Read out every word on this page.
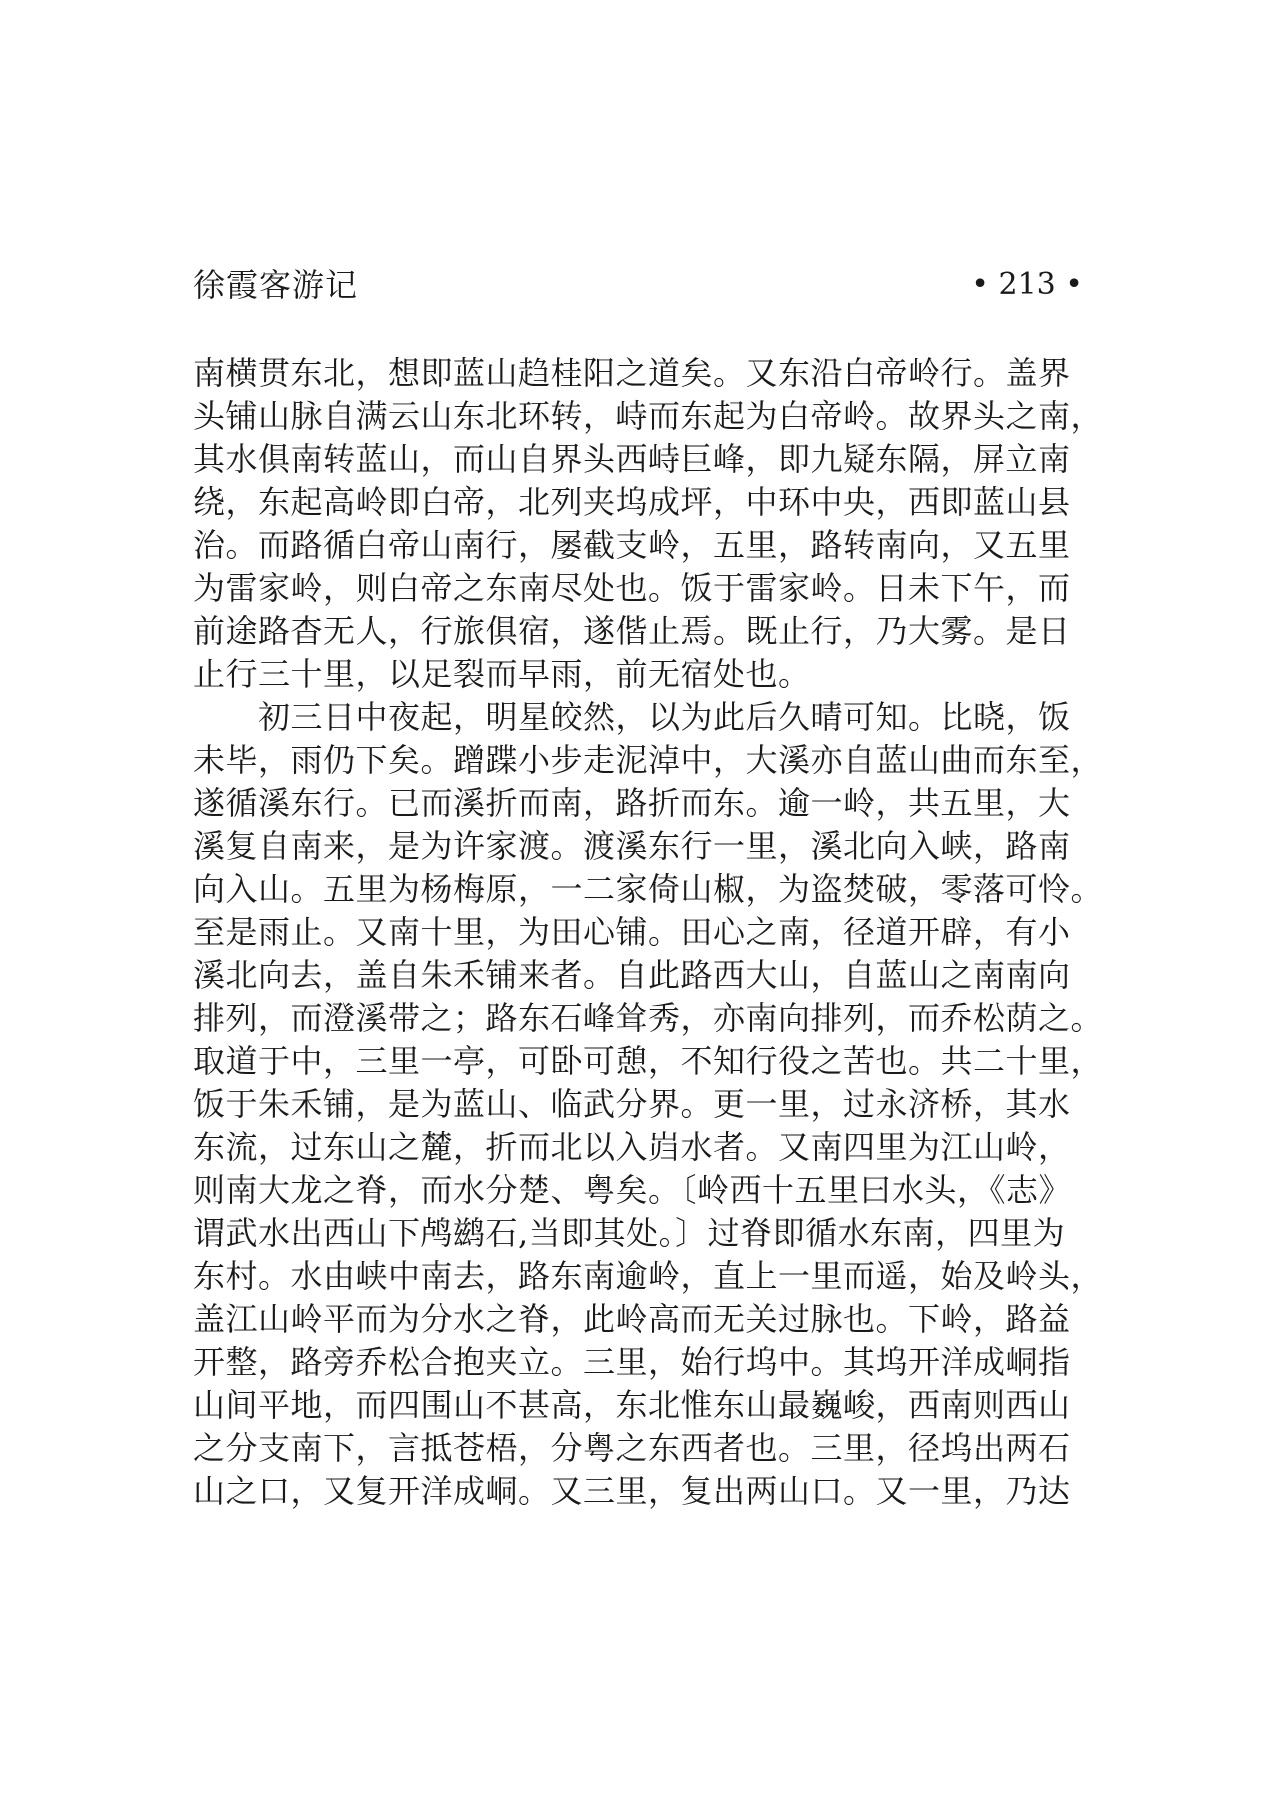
徐霞客游记	• 213 •
南横贯东北，想即蓝山趋桂阳之道矣。又东沿白帝岭行。盖界
头铺山脉自满云山东北环转，峙而东起为白帝岭。故界头之南，
其水俱南转蓝山，而山自界头西峙巨峰，即九疑东隔，屏立南
绕，东起高岭即白帝，北列夹坞成坪，中环中央，西即蓝山县
治。而路循白帝山南行，屡截支岭，五里，路转南向，又五里
为雷家岭，则白帝之东南尽处也。饭于雷家岭。日未下午，而
前途路杳无人，行旅俱宿，遂偕止焉。既止行，乃大雾。是日
止行三十里，以足裂而早雨，前无宿处也。
　　初三日中夜起，明星皎然，以为此后久晴可知。比晓，饭
未毕，雨仍下矣。蹭蹀小步走泥淖中，大溪亦自蓝山曲而东至，
遂循溪东行。已而溪折而南，路折而东。逾一岭，共五里，大
溪复自南来，是为许家渡。渡溪东行一里，溪北向入峡，路南
向入山。五里为杨梅原，一二家倚山椒，为盗焚破，零落可怜。
至是雨止。又南十里，为田心铺。田心之南，径道开辟，有小
溪北向去，盖自朱禾铺来者。自此路西大山，自蓝山之南南向
排列，而澄溪带之；路东石峰耸秀，亦南向排列，而乔松荫之。
取道于中，三里一亭，可卧可憩，不知行役之苦也。共二十里，
饭于朱禾铺，是为蓝山、临武分界。更一里，过永济桥，其水
东流，过东山之麓，折而北以入岿水者。又南四里为江山岭，
则南大龙之脊，而水分楚、粤矣。〔岭西十五里曰水头，《志》
谓武水出西山下鸬鹚石,当即其处。〕过脊即循水东南，四里为
东村。水由峡中南去，路东南逾岭，直上一里而遥，始及岭头，
盖江山岭平而为分水之脊，此岭高而无关过脉也。下岭，路益
开整，路旁乔松合抱夹立。三里，始行坞中。其坞开洋成峒指
山间平地，而四围山不甚高，东北惟东山最巍峻，西南则西山
之分支南下，言抵苍梧，分粤之东西者也。三里，径坞出两石
山之口，又复开洋成峒。又三里，复出两山口。又一里，乃达
